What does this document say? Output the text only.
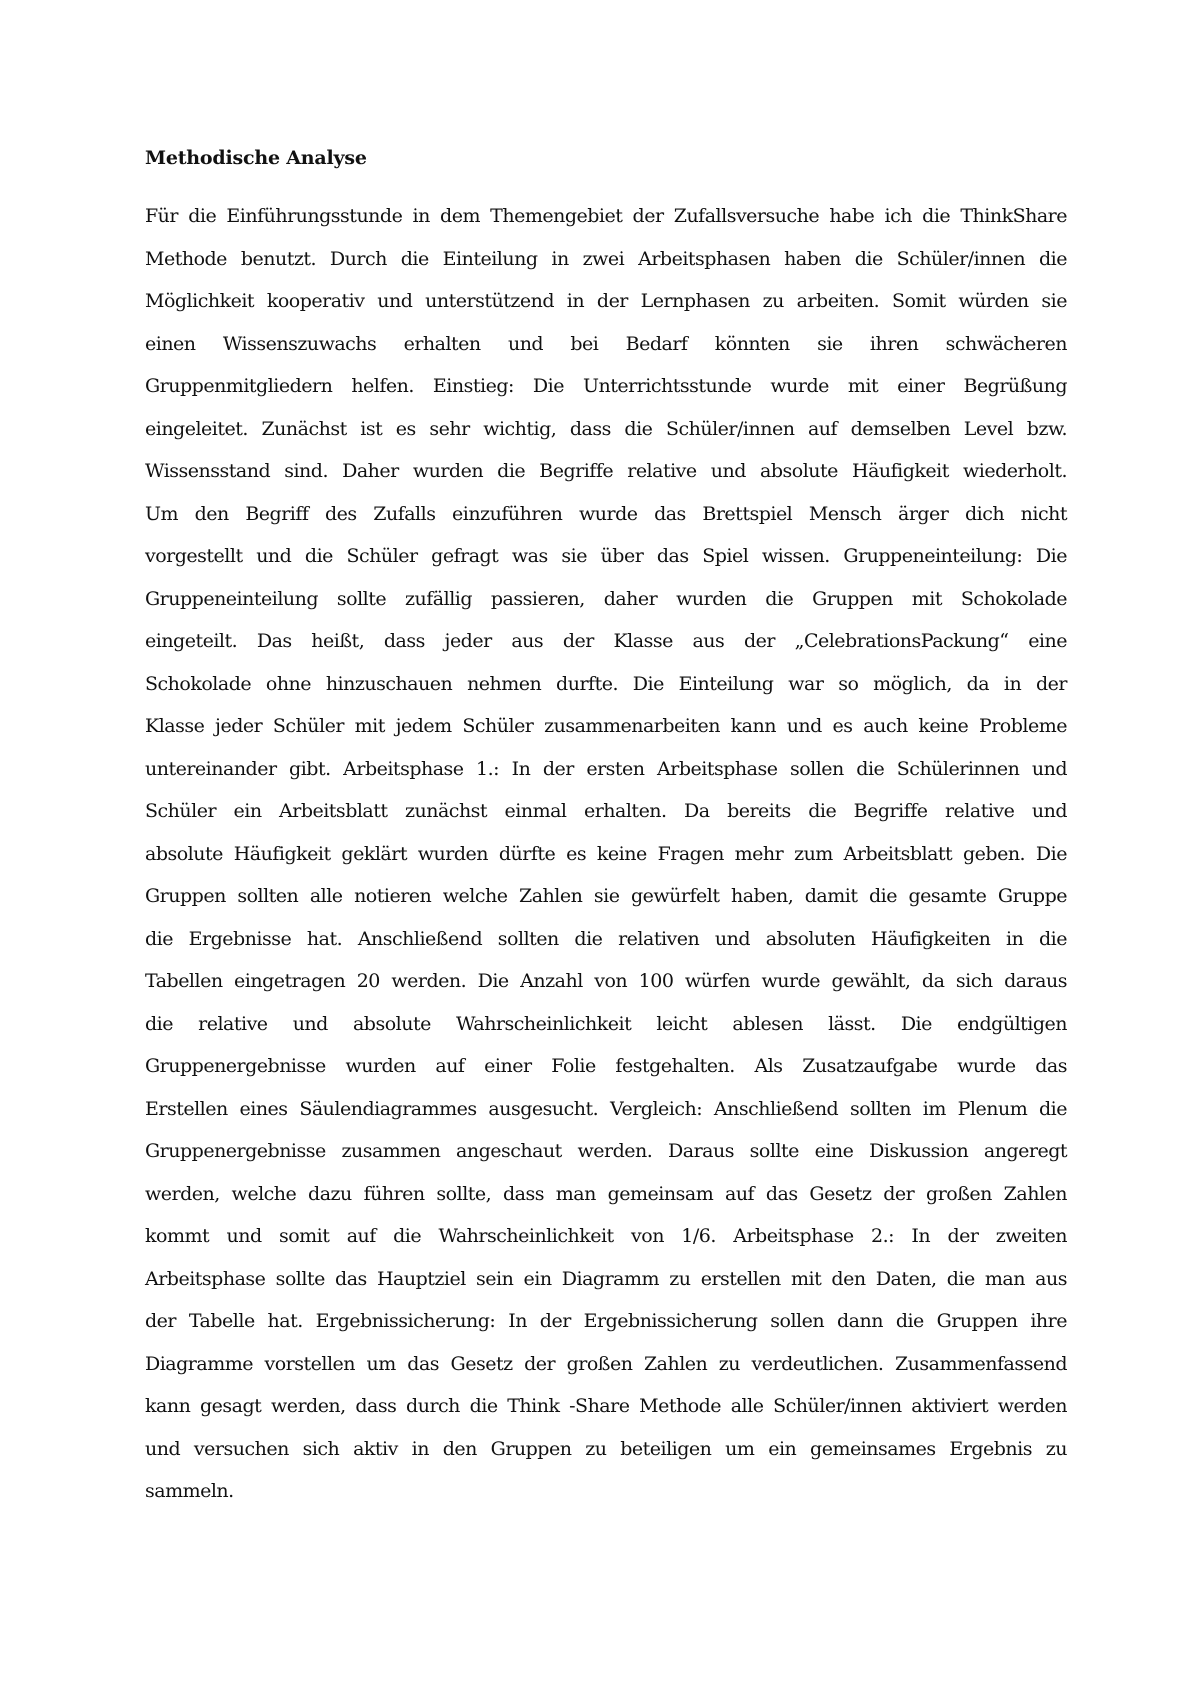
Methodische Analyse
Für die Einführungsstunde in dem Themengebiet der Zufallsversuche habe ich die ThinkShare
Methode benutzt. Durch die Einteilung in zwei Arbeitsphasen haben die Schüler/innen die
Möglichkeit kooperativ und unterstützend in der Lernphasen zu arbeiten. Somit würden sie
einen Wissenszuwachs erhalten und bei Bedarf könnten sie ihren schwächeren
Gruppenmitgliedern helfen. Einstieg: Die Unterrichtsstunde wurde mit einer Begrüßung
eingeleitet. Zunächst ist es sehr wichtig, dass die Schüler/innen auf demselben Level bzw.
Wissensstand sind. Daher wurden die Begriffe relative und absolute Häufigkeit wiederholt.
Um den Begriff des Zufalls einzuführen wurde das Brettspiel Mensch ärger dich nicht
vorgestellt und die Schüler gefragt was sie über das Spiel wissen. Gruppeneinteilung: Die
Gruppeneinteilung sollte zufällig passieren, daher wurden die Gruppen mit Schokolade
eingeteilt. Das heißt, dass jeder aus der Klasse aus der „CelebrationsPackung“ eine
Schokolade ohne hinzuschauen nehmen durfte. Die Einteilung war so möglich, da in der
Klasse jeder Schüler mit jedem Schüler zusammenarbeiten kann und es auch keine Probleme
untereinander gibt. Arbeitsphase 1.: In der ersten Arbeitsphase sollen die Schülerinnen und
Schüler ein Arbeitsblatt zunächst einmal erhalten. Da bereits die Begriffe relative und
absolute Häufigkeit geklärt wurden dürfte es keine Fragen mehr zum Arbeitsblatt geben. Die
Gruppen sollten alle notieren welche Zahlen sie gewürfelt haben, damit die gesamte Gruppe
die Ergebnisse hat. Anschließend sollten die relativen und absoluten Häufigkeiten in die
Tabellen eingetragen 20 werden. Die Anzahl von 100 würfen wurde gewählt, da sich daraus
die relative und absolute Wahrscheinlichkeit leicht ablesen lässt. Die endgültigen
Gruppenergebnisse wurden auf einer Folie festgehalten. Als Zusatzaufgabe wurde das
Erstellen eines Säulendiagrammes ausgesucht. Vergleich: Anschließend sollten im Plenum die
Gruppenergebnisse zusammen angeschaut werden. Daraus sollte eine Diskussion angeregt
werden, welche dazu führen sollte, dass man gemeinsam auf das Gesetz der großen Zahlen
kommt und somit auf die Wahrscheinlichkeit von 1/6. Arbeitsphase 2.: In der zweiten
Arbeitsphase sollte das Hauptziel sein ein Diagramm zu erstellen mit den Daten, die man aus
der Tabelle hat. Ergebnissicherung: In der Ergebnissicherung sollen dann die Gruppen ihre
Diagramme vorstellen um das Gesetz der großen Zahlen zu verdeutlichen. Zusammenfassend
kann gesagt werden, dass durch die Think -Share Methode alle Schüler/innen aktiviert werden
und versuchen sich aktiv in den Gruppen zu beteiligen um ein gemeinsames Ergebnis zu
sammeln.
